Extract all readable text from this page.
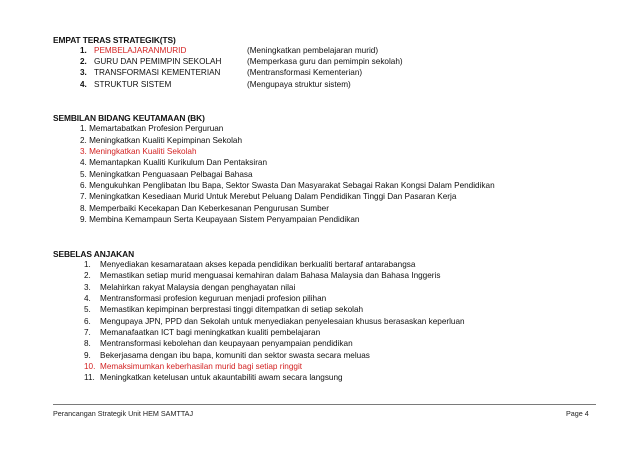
EMPAT TERAS STRATEGIK(TS)
1. PEMBELAJARANMURID	(Meningkatkan pembelajaran murid)
2. GURU DAN PEMIMPIN SEKOLAH	(Memperkasa guru dan pemimpin sekolah)
3. TRANSFORMASI KEMENTERIAN	(Mentransformasi Kementerian)
4. STRUKTUR SISTEM	(Mengupaya struktur sistem)
SEMBILAN BIDANG KEUTAMAAN (BK)
1. Memartabatkan Profesion Perguruan
2. Meningkatkan Kualiti Kepimpinan Sekolah
3. Meningkatkan Kualiti Sekolah
4. Memantapkan Kualiti Kurikulum Dan Pentaksiran
5. Meningkatkan Penguasaan Pelbagai Bahasa
6. Mengukuhkan Penglibatan Ibu Bapa, Sektor Swasta Dan Masyarakat Sebagai Rakan Kongsi Dalam Pendidikan
7. Meningkatkan Kesediaan Murid Untuk Merebut Peluang Dalam Pendidikan Tinggi Dan Pasaran Kerja
8. Memperbaiki Kecekapan Dan Keberkesanan Pengurusan Sumber
9. Membina Kemampaun Serta Keupayaan Sistem Penyampaian Pendidikan
SEBELAS ANJAKAN
1. Menyediakan kesamarataan akses kepada pendidikan berkualiti bertaraf antarabangsa
2. Memastikan setiap murid menguasai kemahiran dalam Bahasa Malaysia dan Bahasa Inggeris
3. Melahirkan rakyat Malaysia dengan penghayatan nilai
4. Mentransformasi profesion keguruan menjadi profesion pilihan
5. Memastikan kepimpinan berprestasi tinggi ditempatkan di setiap sekolah
6. Mengupaya JPN, PPD dan Sekolah untuk menyediakan penyelesaian khusus berasaskan keperluan
7. Memanafaatkan ICT bagi meningkatkan kualiti pembelajaran
8. Mentransformasi kebolehan dan keupayaan penyampaian pendidikan
9. Bekerjasama dengan ibu bapa, komuniti dan sektor swasta secara meluas
10. Memaksimumkan keberhasilan murid bagi setiap ringgit
11. Meningkatkan ketelusan untuk akauntabiliti awam secara langsung
Perancangan Strategik Unit HEM SAMTTAJ	Page 4
